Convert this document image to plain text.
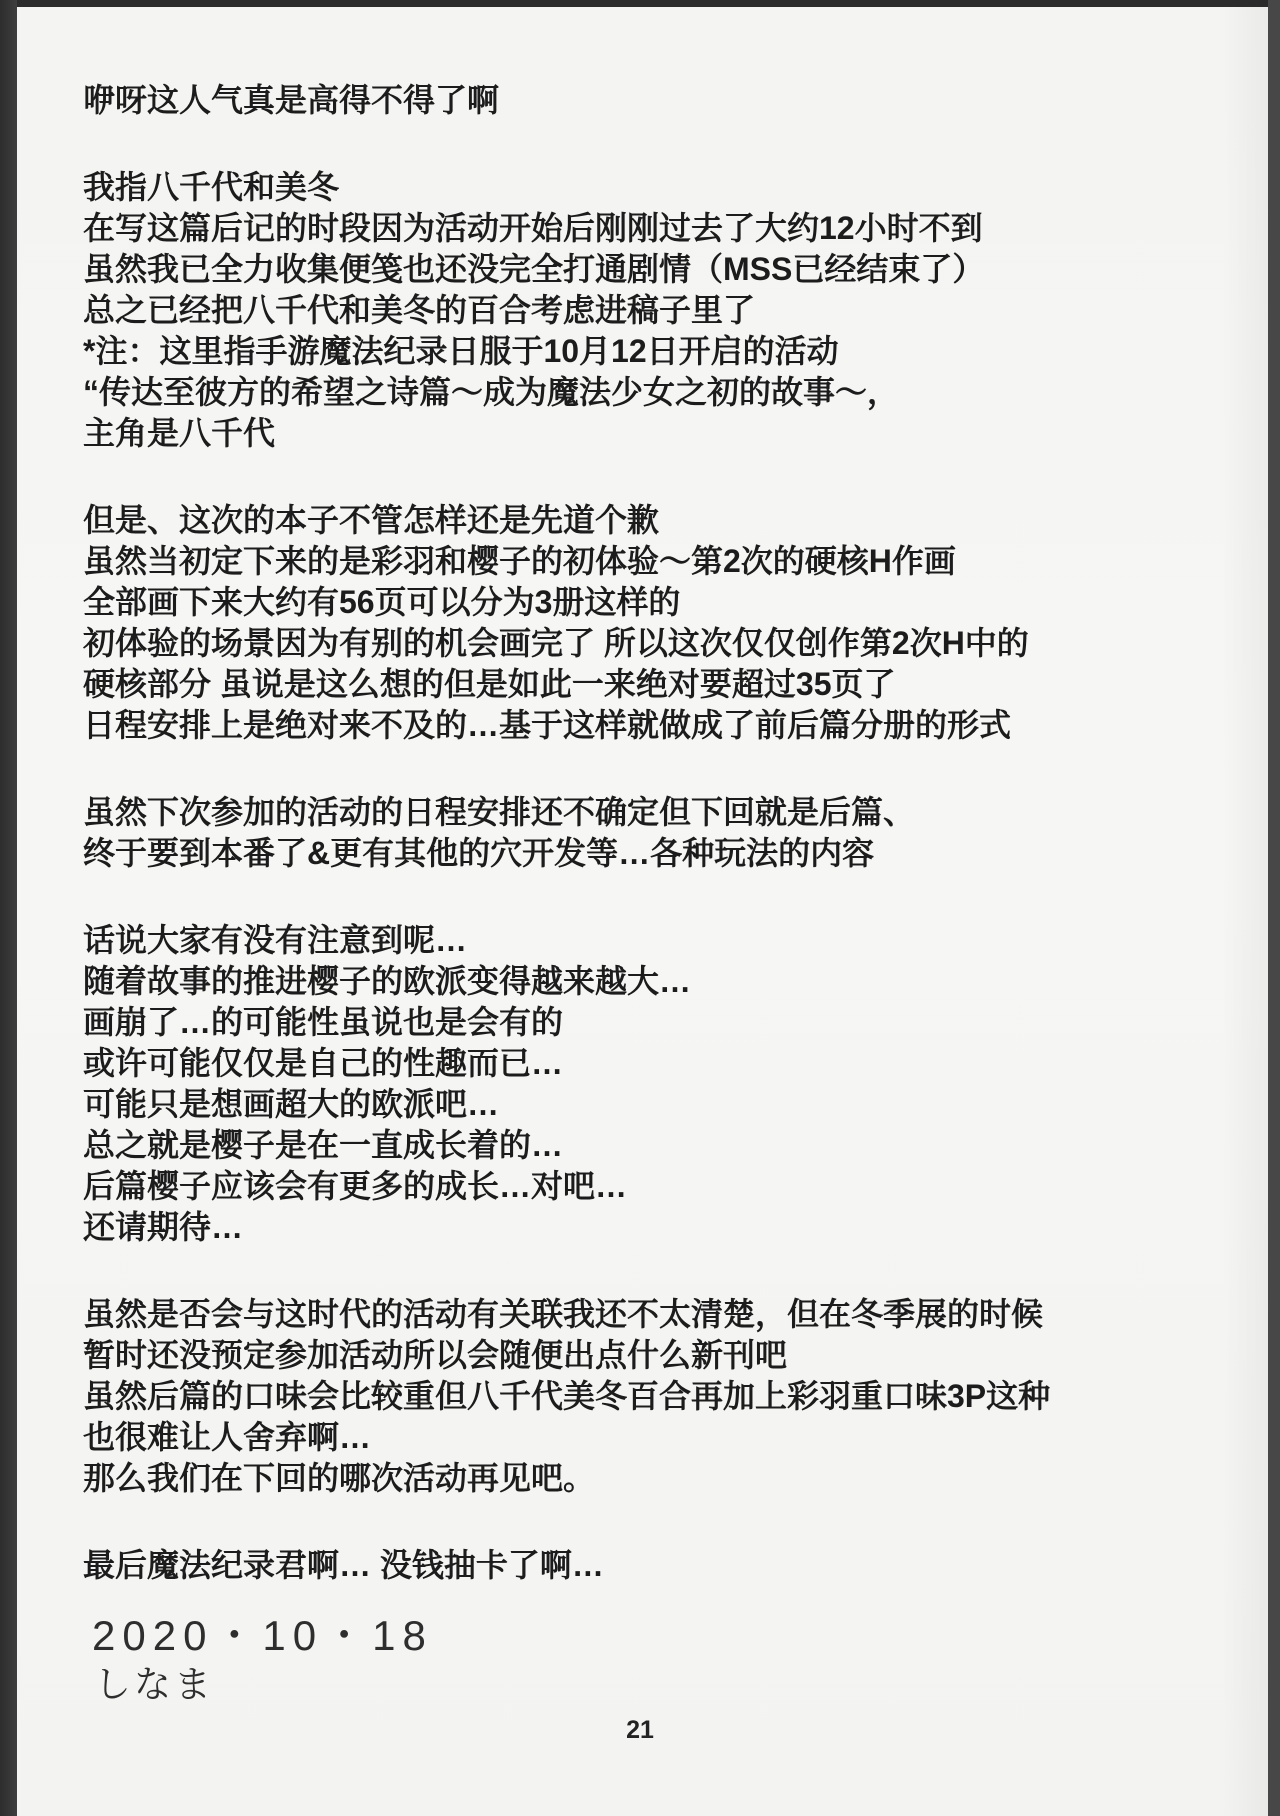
咿呀这人气真是高得不得了啊
我指八千代和美冬
在写这篇后记的时段因为活动开始后刚刚过去了大约12小时不到
虽然我已全力收集便笺也还没完全打通剧情（MSS已经结束了）
总之已经把八千代和美冬的百合考虑进稿子里了
*注：这里指手游魔法纪录日服于10月12日开启的活动
“传达至彼方的希望之诗篇～成为魔法少女之初的故事～，
主角是八千代
但是、这次的本子不管怎样还是先道个歉
虽然当初定下来的是彩羽和樱子的初体验～第2次的硬核H作画
全部画下来大约有56页可以分为3册这样的
初体验的场景因为有别的机会画完了 所以这次仅仅创作第2次H中的
硬核部分 虽说是这么想的但是如此一来绝对要超过35页了
日程安排上是绝对来不及的…基于这样就做成了前后篇分册的形式
虽然下次参加的活动的日程安排还不确定但下回就是后篇、
终于要到本番了&更有其他的穴开发等…各种玩法的内容
话说大家有没有注意到呢…
随着故事的推进樱子的欧派变得越来越大…
画崩了…的可能性虽说也是会有的
或许可能仅仅是自己的性趣而已…
可能只是想画超大的欧派吧…
总之就是樱子是在一直成长着的…
后篇樱子应该会有更多的成长…对吧…
还请期待…
虽然是否会与这时代的活动有关联我还不太清楚，但在冬季展的时候
暂时还没预定参加活动所以会随便出点什么新刊吧
虽然后篇的口味会比较重但八千代美冬百合再加上彩羽重口味3P这种
也很难让人舍弃啊…
那么我们在下回的哪次活动再见吧。
最后魔法纪录君啊… 没钱抽卡了啊…
2020・10・18
しなま
21
